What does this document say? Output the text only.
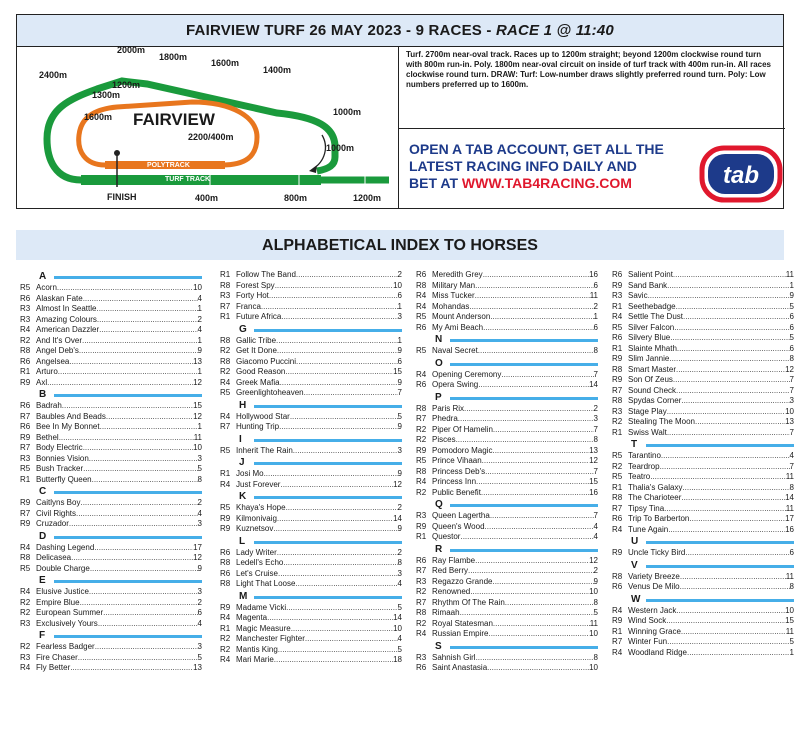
FAIRVIEW TURF 26 MAY 2023 - 9 RACES - RACE 1 @ 11:40
2000m
1800m
1600m
1400m
2400m
1200m
1300m
1600m	1000m
FAIRVIEW
2200/400m
1000m
POLYTRACK
TURF TRACK
FINISH	400m	800m	1200m
Turf. 2700m near-oval track. Races up to 1200m straight; beyond 1200m clockwise round turn with 800m run-in. Poly. 1800m near-oval circuit on inside of turf track with 400m run-in. All races clockwise round turn. DRAW: Turf: Low-number draws slightly preferred round turn. Poly: Low numbers preferred up to 1600m.
OPEN A TAB ACCOUNT, GET ALL THE
LATEST RACING INFO DAILY AND
BET AT WWW.TAB4RACING.COM	tab
ALPHABETICAL INDEX TO HORSES
A
R5 Acorn .....	10
R6 Alaskan Fate .....	4
R3 Almost In Seattle .....	1
R3 Amazing Colours .....	2
R4 American Dazzler .....	4
R2 And It's Over .....	1
R8 Angel Deb's .....	9
R6 Angelsea .....	13
R1 Arturo .....	1
R9 Axl .....	12
B
R6 Badrah .....	15
R7 Baubles And Beads .....	12
R6 Bee In My Bonnet .....	1
R9 Bethel .....	11
R7 Body Electric .....	10
R3 Bonnies Vision .....	3
R5 Bush Tracker .....	5
R1 Butterfly Queen .....	8
C
R9 Caitlyns Boy .....	2
R7 Civil Rights .....	4
R9 Cruzador .....	3
D
R4 Dashing Legend .....	17
R8 Delicasea .....	12
R5 Double Charge .....	9
E
R4 Elusive Justice .....	3
R2 Empire Blue .....	2
R2 European Summer .....	6
R3 Exclusively Yours .....	4
F
R2 Fearless Badger .....	3
R3 Fire Chaser .....	5
R4 Fly Better .....	13
R1 Follow The Band .....	2
R8 Forest Spy .....	10
R3 Forty Hot .....	6
R7 Franca .....	1
R1 Future Africa .....	3
G
R8 Gallic Tribe .....	1
R2 Get It Done .....	9
R8 Giacomo Puccini .....	6
R2 Good Reason .....	15
R4 Greek Mafia .....	9
R5 Greenlightoheaven .....	7
H
R4 Hollywood Star .....	5
R7 Hunting Trip .....	9
I
R5 Inherit The Rain .....	3
J
R1 Josi Mo .....	9
R4 Just Forever .....	12
K
R5 Khaya's Hope .....	2
R9 Kilmonivaig .....	14
R9 Kuznetsov .....	9
L
R6 Lady Writer .....	2
R8 Ledell's Echo .....	8
R6 Let's Cruise .....	3
R8 Light That Loose .....	4
M
R9 Madame Vicki .....	5
R4 Magenta .....	14
R1 Magic Measure .....	10
R2 Manchester Fighter .....	4
R2 Mantis King .....	5
R4 Mari Marie .....	18
R6 Meredith Grey .....	16
R8 Military Man .....	6
R4 Miss Tucker .....	11
R4 Mohandas .....	2
R5 Mount Anderson .....	1
R6 My Ami Beach .....	6
N
R5 Naval Secret .....	8
O
R4 Opening Ceremony .....	7
R6 Opera Swing .....	14
P
R8 Paris Rix .....	2
R7 Phedra .....	3
R2 Piper Of Hamelin .....	7
R2 Pisces .....	8
R9 Pomodoro Magic .....	13
R5 Prince Vihaan .....	12
R8 Princess Deb's .....	7
R4 Princess Inn .....	15
R2 Public Benefit .....	16
Q
R3 Queen Lagertha .....	7
R9 Queen's Wood .....	4
R1 Questor .....	4
R
R6 Ray Flambe .....	12
R7 Red Berry .....	2
R3 Regazzo Grande .....	9
R2 Renowned .....	10
R7 Rhythm Of The Rain .....	8
R8 Rimaah .....	5
R2 Royal Statesman .....	11
R4 Russian Empire .....	10
S
R3 Sahnish Girl .....	8
R6 Saint Anastasia .....	10
R6 Salient Point .....	11
R9 Sand Bank .....	1
R3 Savic .....	9
R1 Seethebadge .....	5
R4 Settle The Dust .....	6
R5 Silver Falcon .....	6
R6 Silvery Blue .....	5
R1 Slainte Mhath .....	6
R9 Slim Jannie .....	8
R8 Smart Master .....	12
R9 Son Of Zeus .....	7
R7 Sound Check .....	7
R8 Spydas Corner .....	3
R3 Stage Play .....	10
R2 Stealing The Moon .....	13
R1 Swiss Walt .....	7
T
R5 Tarantino .....	4
R2 Teardrop .....	7
R5 Teatro .....	11
R1 Thalia's Galaxy .....	8
R8 The Charioteer .....	14
R7 Tipsy Tina .....	11
R6 Trip To Barberton .....	17
R4 Tune Again .....	16
U
R9 Uncle Ticky Bird .....	6
V
R8 Variety Breeze .....	11
R6 Venus De Milo .....	8
W
R4 Western Jack .....	10
R9 Wind Sock .....	15
R1 Winning Grace .....	11
R7 Winter Fun .....	5
R4 Woodland Ridge .....	1
